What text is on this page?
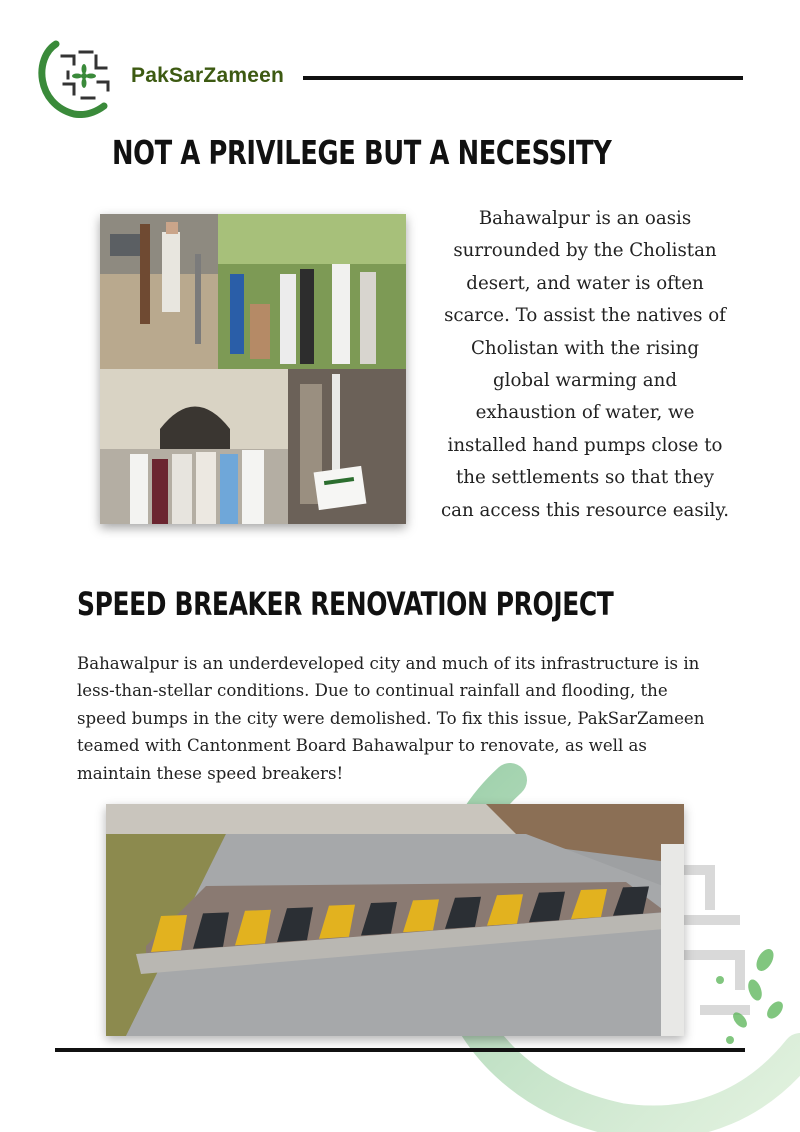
PakSarZameen
NOT A PRIVILEGE BUT A NECESSITY
Bahawalpur is an oasis
surrounded by the Cholistan
desert, and water is often
scarce. To assist the natives of
Cholistan with the rising
global warming and
exhaustion of water, we
installed hand pumps close to
the settlements so that they
can access this resource easily.
SPEED BREAKER RENOVATION PROJECT
Bahawalpur is an underdeveloped city and much of its infrastructure is in
less-than-stellar conditions. Due to continual rainfall and flooding, the
speed bumps in the city were demolished. To fix this issue, PakSarZameen
teamed with Cantonment Board Bahawalpur to renovate, as well as
maintain these speed breakers!
